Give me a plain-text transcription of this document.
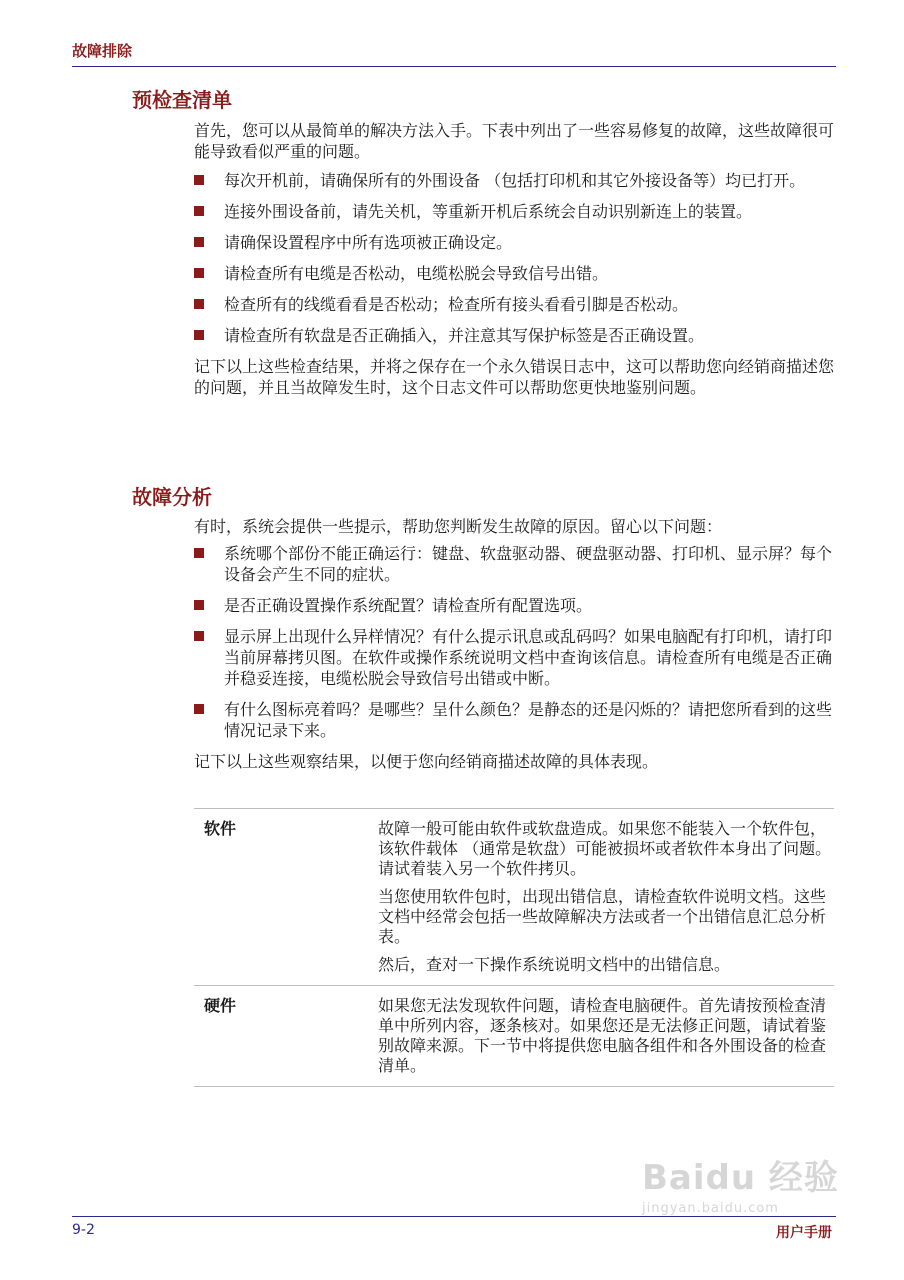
故障排除
预检查清单

首先，您可以从最简单的解决方法入手。下表中列出了一些容易修复的故障，这些故障很可能导致看似严重的问题。

每次开机前，请确保所有的外围设备 （包括打印机和其它外接设备等）均已打开。
连接外围设备前，请先关机，等重新开机后系统会自动识别新连上的装置。
请确保设置程序中所有选项被正确设定。
请检查所有电缆是否松动，电缆松脱会导致信号出错。
检查所有的线缆看看是否松动；检查所有接头看看引脚是否松动。
请检查所有软盘是否正确插入，并注意其写保护标签是否正确设置。

记下以上这些检查结果，并将之保存在一个永久错误日志中，这可以帮助您向经销商描述您的问题，并且当故障发生时，这个日志文件可以帮助您更快地鉴别问题。

故障分析

有时，系统会提供一些提示，帮助您判断发生故障的原因。留心以下问题：

系统哪个部份不能正确运行：键盘、软盘驱动器、硬盘驱动器、打印机、显示屏？每个设备会产生不同的症状。
是否正确设置操作系统配置？请检查所有配置选项。
显示屏上出现什么异样情况？有什么提示讯息或乱码吗？如果电脑配有打印机，请打印当前屏幕拷贝图。在软件或操作系统说明文档中查询该信息。请检查所有电缆是否正确并稳妥连接，电缆松脱会导致信号出错或中断。
有什么图标亮着吗？是哪些？呈什么颜色？是静态的还是闪烁的？请把您所看到的这些情况记录下来。

记下以上这些观察结果，以便于您向经销商描述故障的具体表现。

软件	故障一般可能由软件或软盘造成。如果您不能装入一个软件包，该软件载体 （通常是软盘）可能被损坏或者软件本身出了问题。请试着装入另一个软件拷贝。

当您使用软件包时，出现出错信息，请检查软件说明文档。这些文档中经常会包括一些故障解决方法或者一个出错信息汇总分析表。

然后，查对一下操作系统说明文档中的出错信息。

硬件	如果您无法发现软件问题，请检查电脑硬件。首先请按预检查清单中所列内容，逐条核对。如果您还是无法修正问题，请试着鉴别故障来源。下一节中将提供您电脑各组件和各外围设备的检查清单。

Baidu 经验
jingyan.baidu.com
9-2	用户手册
